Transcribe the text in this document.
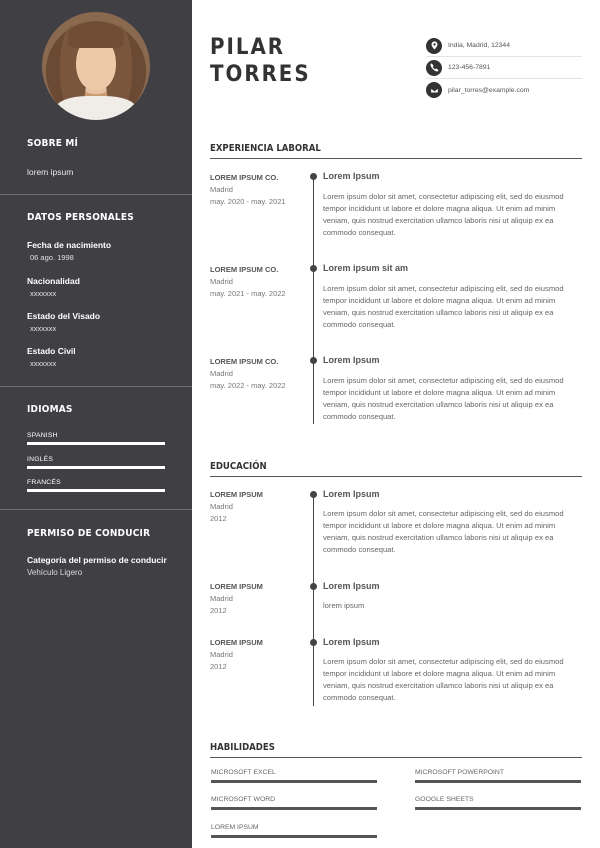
SOBRE MÍ
lorem ipsum
DATOS PERSONALES
Fecha de nacimiento
06 ago. 1998
Nacionalidad
xxxxxxx
Estado del Visado
xxxxxxx
Estado Civil
xxxxxxx
IDIOMAS
SPANISH
INGLÉS
FRANCÉS
PERMISO DE CONDUCIR
Categoría del permiso de conducir
Vehículo Ligero
PILAR
TORRES
India, Madrid, 12344
123-456-7891
pilar_torres@example.com
EXPERIENCIA LABORAL
LOREM IPSUM CO.
Madrid
may. 2020 - may. 2021
Lorem Ipsum
Lorem ipsum dolor sit amet, consectetur adipiscing elit, sed do eiusmod tempor incididunt ut labore et dolore magna aliqua. Ut enim ad minim veniam, quis nostrud exercitation ullamco laboris nisi ut aliquip ex ea commodo consequat.
LOREM IPSUM CO.
Madrid
may. 2021 - may. 2022
Lorem ipsum sit am
Lorem ipsum dolor sit amet, consectetur adipiscing elit, sed do eiusmod tempor incididunt ut labore et dolore magna aliqua. Ut enim ad minim veniam, quis nostrud exercitation ullamco laboris nisi ut aliquip ex ea commodo consequat.
LOREM IPSUM CO.
Madrid
may. 2022 - may. 2022
Lorem Ipsum
Lorem ipsum dolor sit amet, consectetur adipiscing elit, sed do eiusmod tempor incididunt ut labore et dolore magna aliqua. Ut enim ad minim veniam, quis nostrud exercitation ullamco laboris nisi ut aliquip ex ea commodo consequat.
EDUCACIÓN
LOREM IPSUM
Madrid
2012
Lorem Ipsum
Lorem ipsum dolor sit amet, consectetur adipiscing elit, sed do eiusmod tempor incididunt ut labore et dolore magna aliqua. Ut enim ad minim veniam, quis nostrud exercitation ullamco laboris nisi ut aliquip ex ea commodo consequat.
LOREM IPSUM
Madrid
2012
Lorem Ipsum
lorem ipsum
LOREM IPSUM
Madrid
2012
Lorem Ipsum
Lorem ipsum dolor sit amet, consectetur adipiscing elit, sed do eiusmod tempor incididunt ut labore et dolore magna aliqua. Ut enim ad minim veniam, quis nostrud exercitation ullamco laboris nisi ut aliquip ex ea commodo consequat.
HABILIDADES
MICROSOFT EXCEL	MICROSOFT POWERPOINT
MICROSOFT WORD	GOOGLE SHEETS
LOREM IPSUM
